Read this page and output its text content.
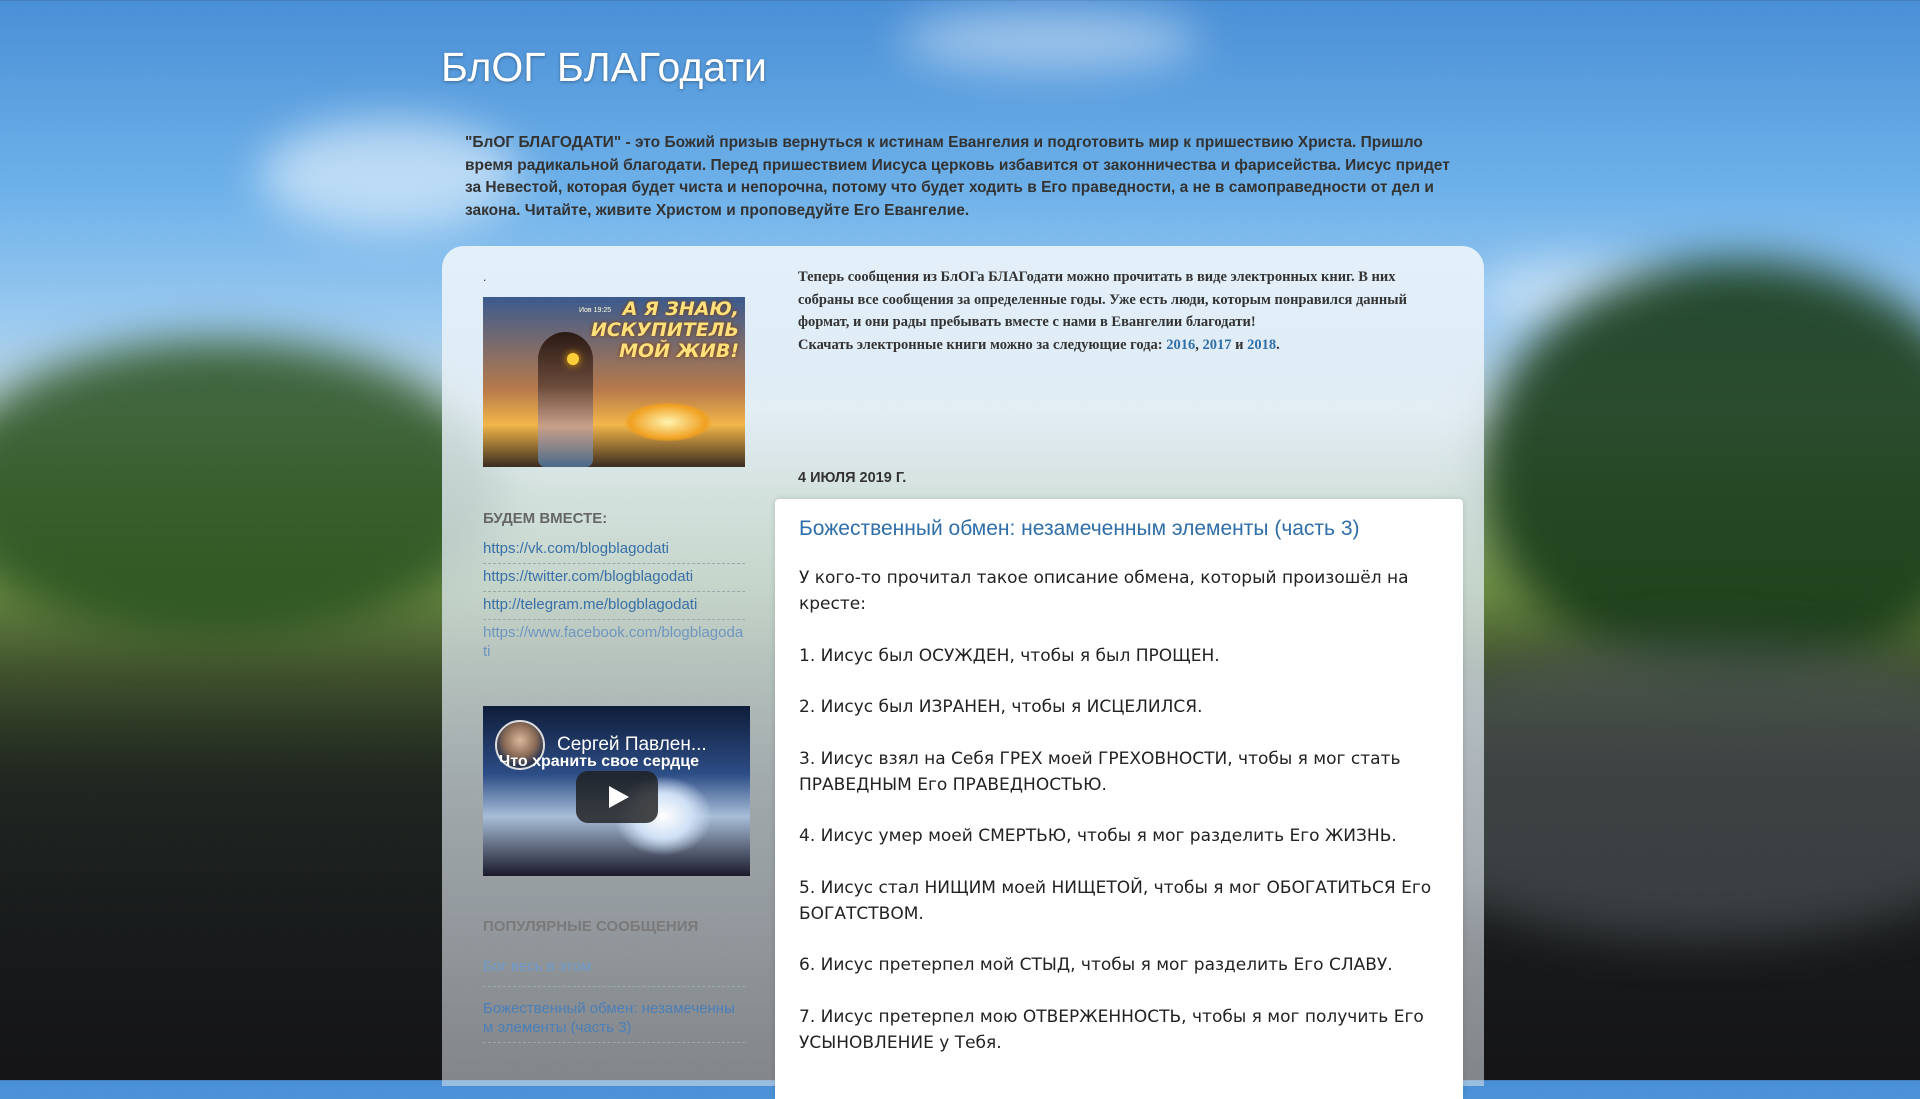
БлОГ БЛАГодати

"БлОГ БЛАГОДАТИ" - это Божий призыв вернуться к истинам Евангелия и подготовить мир к пришествию Христа. Пришло время радикальной благодати. Перед пришествием Иисуса церковь избавится от законничества и фарисейства. Иисус придет за Невестой, которая будет чиста и непорочна, потому что будет ходить в Его праведности, а не в самоправедности от дел и закона. Читайте, живите Христом и проповедуйте Его Евангелие.

.
Иов 19:25 А Я ЗНАЮ, ИСКУПИТЕЛЬ МОЙ ЖИВ!
БУДЕМ ВМЕСТЕ:
https://vk.com/blogblagodati
https://twitter.com/blogblagodati
http://telegram.me/blogblagodati
https://www.facebook.com/blogblagodati
Сергей Павлен...
Что хранить свое сердце
ПОПУЛЯРНЫЕ СООБЩЕНИЯ
Бог весь в этом
Божественный обмен: незамеченным элементы (часть 3)

Теперь сообщения из БлОГа БЛАГодати можно прочитать в виде электронных книг. В них собраны все сообщения за определенные годы. Уже есть люди, которым понравился данный формат, и они рады пребывать вместе с нами в Евангелии благодати!
Скачать электронные книги можно за следующие года: 2016, 2017 и 2018.

4 ИЮЛЯ 2019 Г.
Божественный обмен: незамеченным элементы (часть 3)

У кого-то прочитал такое описание обмена, который произошёл на кресте:

1. Иисус был ОСУЖДЕН, чтобы я был ПРОЩЕН.

2. Иисус был ИЗРАНЕН, чтобы я ИСЦЕЛИЛСЯ.

3. Иисус взял на Себя ГРЕХ моей ГРЕХОВНОСТИ, чтобы я мог стать ПРАВЕДНЫМ Его ПРАВЕДНОСТЬЮ.

4. Иисус умер моей СМЕРТЬЮ, чтобы я мог разделить Его ЖИЗНЬ.

5. Иисус стал НИЩИМ моей НИЩЕТОЙ, чтобы я мог ОБОГАТИТЬСЯ Его БОГАТСТВОМ.

6. Иисус претерпел мой СТЫД, чтобы я мог разделить Его СЛАВУ.

7. Иисус претерпел мою ОТВЕРЖЕННОСТЬ, чтобы я мог получить Его УСЫНОВЛЕНИЕ у Тебя.
